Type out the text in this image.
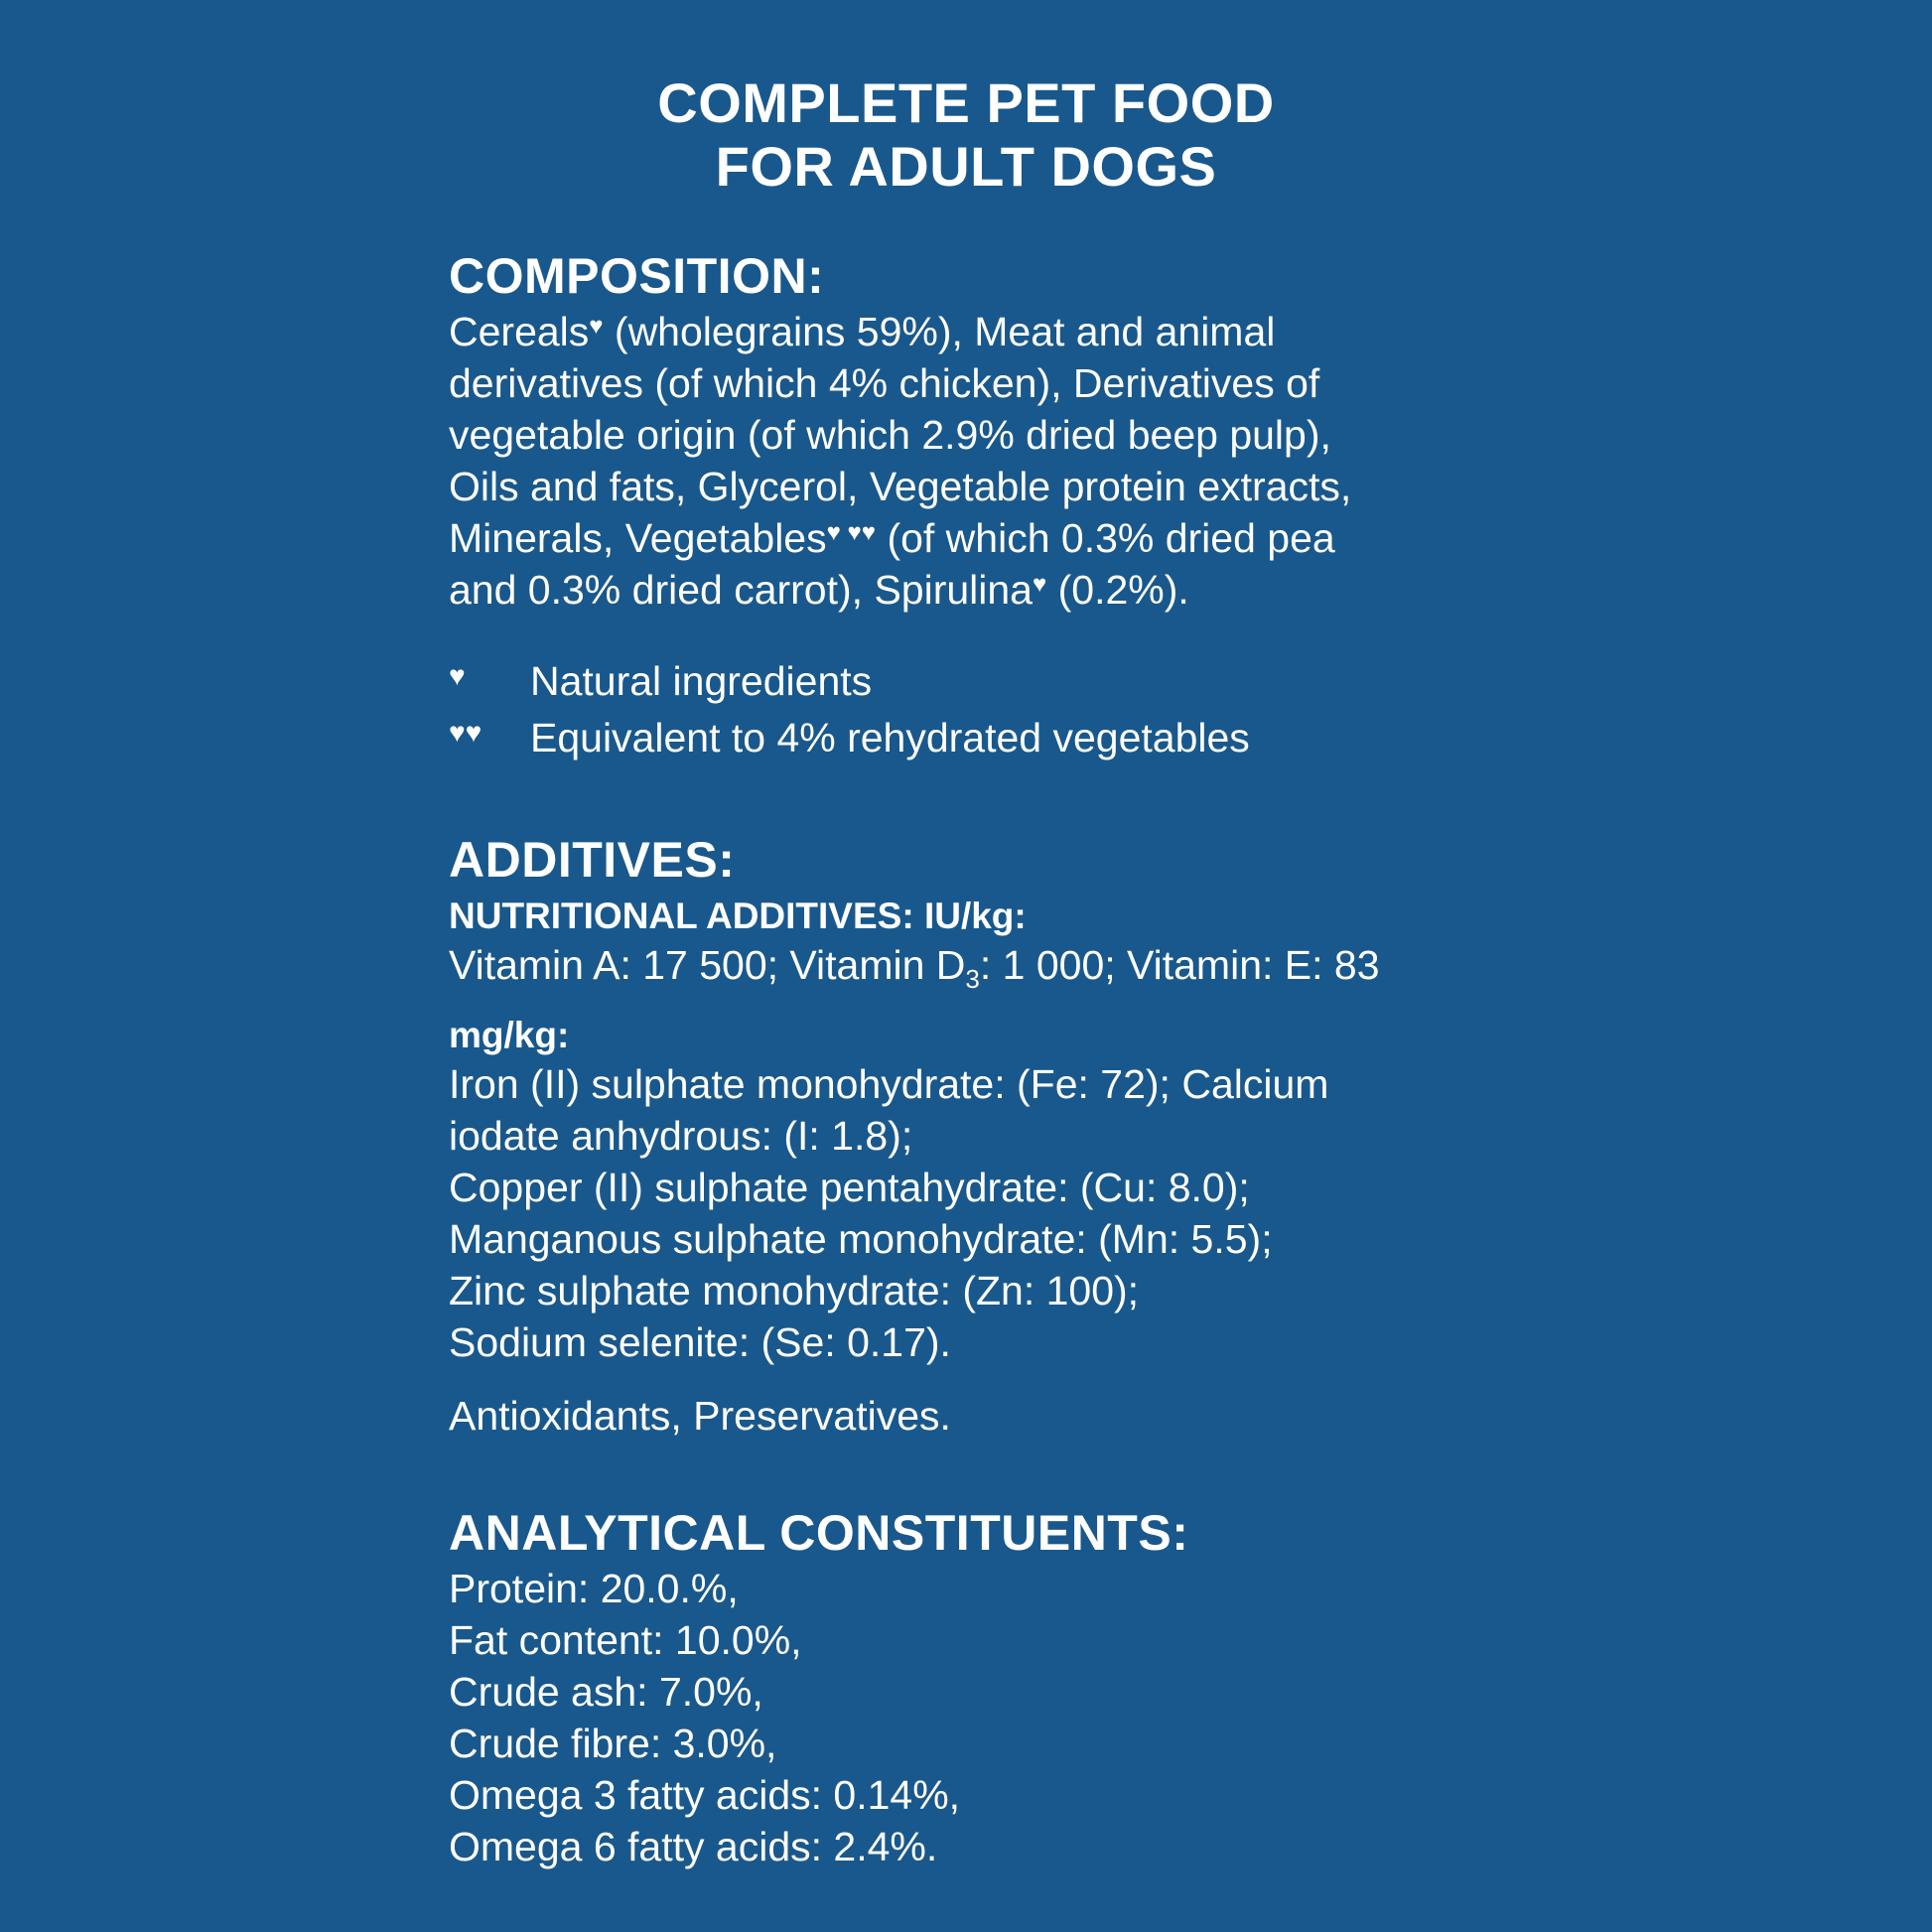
COMPLETE PET FOOD
FOR ADULT DOGS
COMPOSITION:

Cereals♥ (wholegrains 59%), Meat and animal
derivatives (of which 4% chicken), Derivatives of
vegetable origin (of which 2.9% dried beep pulp),
Oils and fats, Glycerol, Vegetable protein extracts,
Minerals, Vegetables♥ ♥♥ (of which 0.3% dried pea
and 0.3% dried carrot), Spirulina♥ (0.2%).

♥	Natural ingredients
♥♥	Equivalent to 4% rehydrated vegetables
ADDITIVES:
NUTRITIONAL ADDITIVES: IU/kg:
Vitamin A: 17 500; Vitamin $D_3$: 1 000; Vitamin: E: 83
mg/kg:

Iron (II) sulphate monohydrate: (Fe: 72); Calcium
iodate anhydrous: (I: 1.8);
Copper (II) sulphate pentahydrate: (Cu: 8.0);
Manganous sulphate monohydrate: (Mn: 5.5);
Zinc sulphate monohydrate: (Zn: 100);
Sodium selenite: (Se: 0.17).

Antioxidants, Preservatives.
ANALYTICAL CONSTITUENTS:

Protein: 20.0.%,
Fat content: 10.0%,
Crude ash: 7.0%,
Crude fibre: 3.0%,
Omega 3 fatty acids: 0.14%,
Omega 6 fatty acids: 2.4%.
